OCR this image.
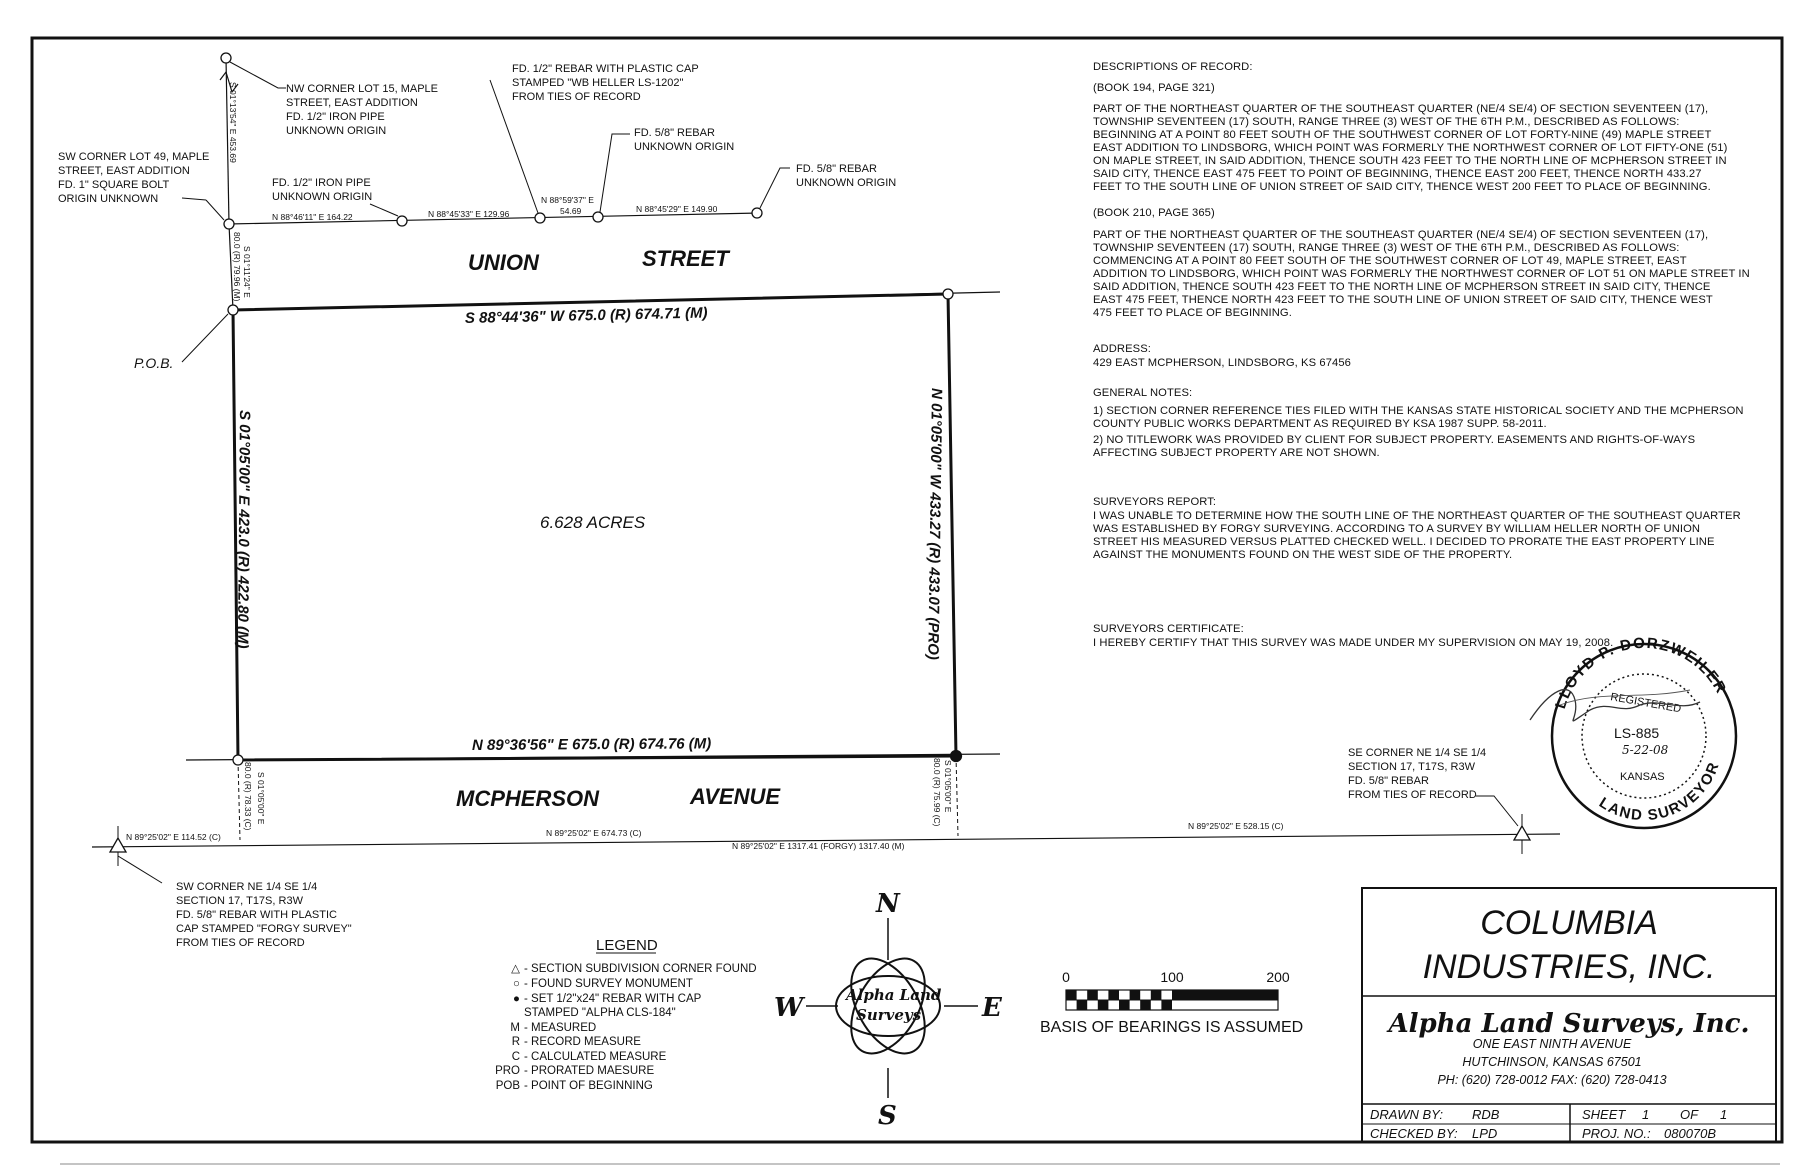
UNION	STREET
MCPHERSON	AVENUE
S 88°44'36" W 675.0 (R) 674.71 (M)
N 89°36'56" E 675.0 (R) 674.76 (M)
S 01°05'00" E 423.0 (R) 422.80 (M)	N 01°05'00" W 433.27 (R) 433.07 (PRO)
6.628 ACRES
P.O.B.
N 88°46'11" E 164.22	N 88°45'33" E 129.96
N 88°59'37" E
54.69	N 88°45'29" E 149.90
S 01°13'54" E 453.69
80.0 (R) 79.96 (M) S 01°11'24" E
S 01°05'00" E
80.0 (R) 78.33 (C)	S 01°05'00" E
80.0 (R) 75.99 (C)
N 89°25'02" E 114.52 (C)	N 89°25'02" E 674.73 (C)
N 89°25'02" E 528.15 (C)
N 89°25'02" E 1317.41 (FORGY) 1317.40 (M)
NW CORNER LOT 15, MAPLE
STREET, EAST ADDITION
FD. 1/2" IRON PIPE
UNKNOWN ORIGIN
SW CORNER LOT 49, MAPLE
STREET, EAST ADDITION
FD. 1" SQUARE BOLT
ORIGIN UNKNOWN
FD. 1/2" IRON PIPE
UNKNOWN ORIGIN
FD. 1/2" REBAR WITH PLASTIC CAP
STAMPED "WB HELLER LS-1202"
FROM TIES OF RECORD
FD. 5/8" REBAR
UNKNOWN ORIGIN
FD. 5/8" REBAR
UNKNOWN ORIGIN
SE CORNER NE 1/4 SE 1/4
SECTION 17, T17S, R3W
FD. 5/8" REBAR
FROM TIES OF RECORD
SW CORNER NE 1/4 SE 1/4
SECTION 17, T17S, R3W
FD. 5/8" REBAR WITH PLASTIC
CAP STAMPED "FORGY SURVEY"
FROM TIES OF RECORD
DESCRIPTIONS OF RECORD:
(BOOK 194, PAGE 321)
PART OF THE NORTHEAST QUARTER OF THE SOUTHEAST QUARTER (NE/4 SE/4) OF SECTION SEVENTEEN (17),
TOWNSHIP SEVENTEEN (17) SOUTH, RANGE THREE (3) WEST OF THE 6TH P.M., DESCRIBED AS FOLLOWS:
BEGINNING AT A POINT 80 FEET SOUTH OF THE SOUTHWEST CORNER OF LOT FORTY-NINE (49) MAPLE STREET
EAST ADDITION TO LINDSBORG, WHICH POINT WAS FORMERLY THE NORTHWEST CORNER OF LOT FIFTY-ONE (51)
ON MAPLE STREET, IN SAID ADDITION, THENCE SOUTH 423 FEET TO THE NORTH LINE OF MCPHERSON STREET IN
SAID CITY, THENCE EAST 475 FEET TO POINT OF BEGINNING, THENCE EAST 200 FEET, THENCE NORTH 433.27
FEET TO THE SOUTH LINE OF UNION STREET OF SAID CITY, THENCE WEST 200 FEET TO PLACE OF BEGINNING.
(BOOK 210, PAGE 365)
PART OF THE NORTHEAST QUARTER OF THE SOUTHEAST QUARTER (NE/4 SE/4) OF SECTION SEVENTEEN (17),
TOWNSHIP SEVENTEEN (17) SOUTH, RANGE THREE (3) WEST OF THE 6TH P.M., DESCRIBED AS FOLLOWS:
COMMENCING AT A POINT 80 FEET SOUTH OF THE SOUTHWEST CORNER OF LOT 49, MAPLE STREET, EAST
ADDITION TO LINDSBORG, WHICH POINT WAS FORMERLY THE NORTHWEST CORNER OF LOT 51 ON MAPLE STREET IN
SAID ADDITION, THENCE SOUTH 423 FEET TO THE NORTH LINE OF MCPHERSON STREET IN SAID CITY, THENCE
EAST 475 FEET, THENCE NORTH 423 FEET TO THE SOUTH LINE OF UNION STREET OF SAID CITY, THENCE WEST
475 FEET TO PLACE OF BEGINNING.
ADDRESS:
429 EAST MCPHERSON, LINDSBORG, KS 67456
GENERAL NOTES:
1) SECTION CORNER REFERENCE TIES FILED WITH THE KANSAS STATE HISTORICAL SOCIETY AND THE MCPHERSON
COUNTY PUBLIC WORKS DEPARTMENT AS REQUIRED BY KSA 1987 SUPP. 58-2011.
2) NO TITLEWORK WAS PROVIDED BY CLIENT FOR SUBJECT PROPERTY. EASEMENTS AND RIGHTS-OF-WAYS
AFFECTING SUBJECT PROPERTY ARE NOT SHOWN.
SURVEYORS REPORT:
I WAS UNABLE TO DETERMINE HOW THE SOUTH LINE OF THE NORTHEAST QUARTER OF THE SOUTHEAST QUARTER
WAS ESTABLISHED BY FORGY SURVEYING. ACCORDING TO A SURVEY BY WILLIAM HELLER NORTH OF UNION
STREET HIS MEASURED VERSUS PLATTED CHECKED WELL. I DECIDED TO PRORATE THE EAST PROPERTY LINE
AGAINST THE MONUMENTS FOUND ON THE WEST SIDE OF THE PROPERTY.
SURVEYORS CERTIFICATE:
I HEREBY CERTIFY THAT THIS SURVEY WAS MADE UNDER MY SUPERVISION ON MAY 19, 2008.
LLOYD P. DORZWEILER
LAND SURVEYOR
REGISTERED
LS-885
KANSAS
5-22-08
LEGEND
△ - SECTION SUBDIVISION CORNER FOUND
○ - FOUND SURVEY MONUMENT
● - SET 1/2"x24" REBAR WITH CAP
STAMPED "ALPHA CLS-184"
M - MEASURED
R - RECORD MEASURE
C - CALCULATED MEASURE
PRO - PRORATED MAESURE
POB - POINT OF BEGINNING
N
S
W	E
Alpha Land
Surveys
0	100	200
BASIS OF BEARINGS IS ASSUMED
COLUMBIA
INDUSTRIES, INC.
Alpha Land Surveys, Inc.
ONE EAST NINTH AVENUE
HUTCHINSON, KANSAS 67501
PH: (620) 728-0012 FAX: (620) 728-0413
DRAWN BY: RDB
CHECKED BY: LPD
SHEET 1 OF 1
PROJ. NO.: 080070B
